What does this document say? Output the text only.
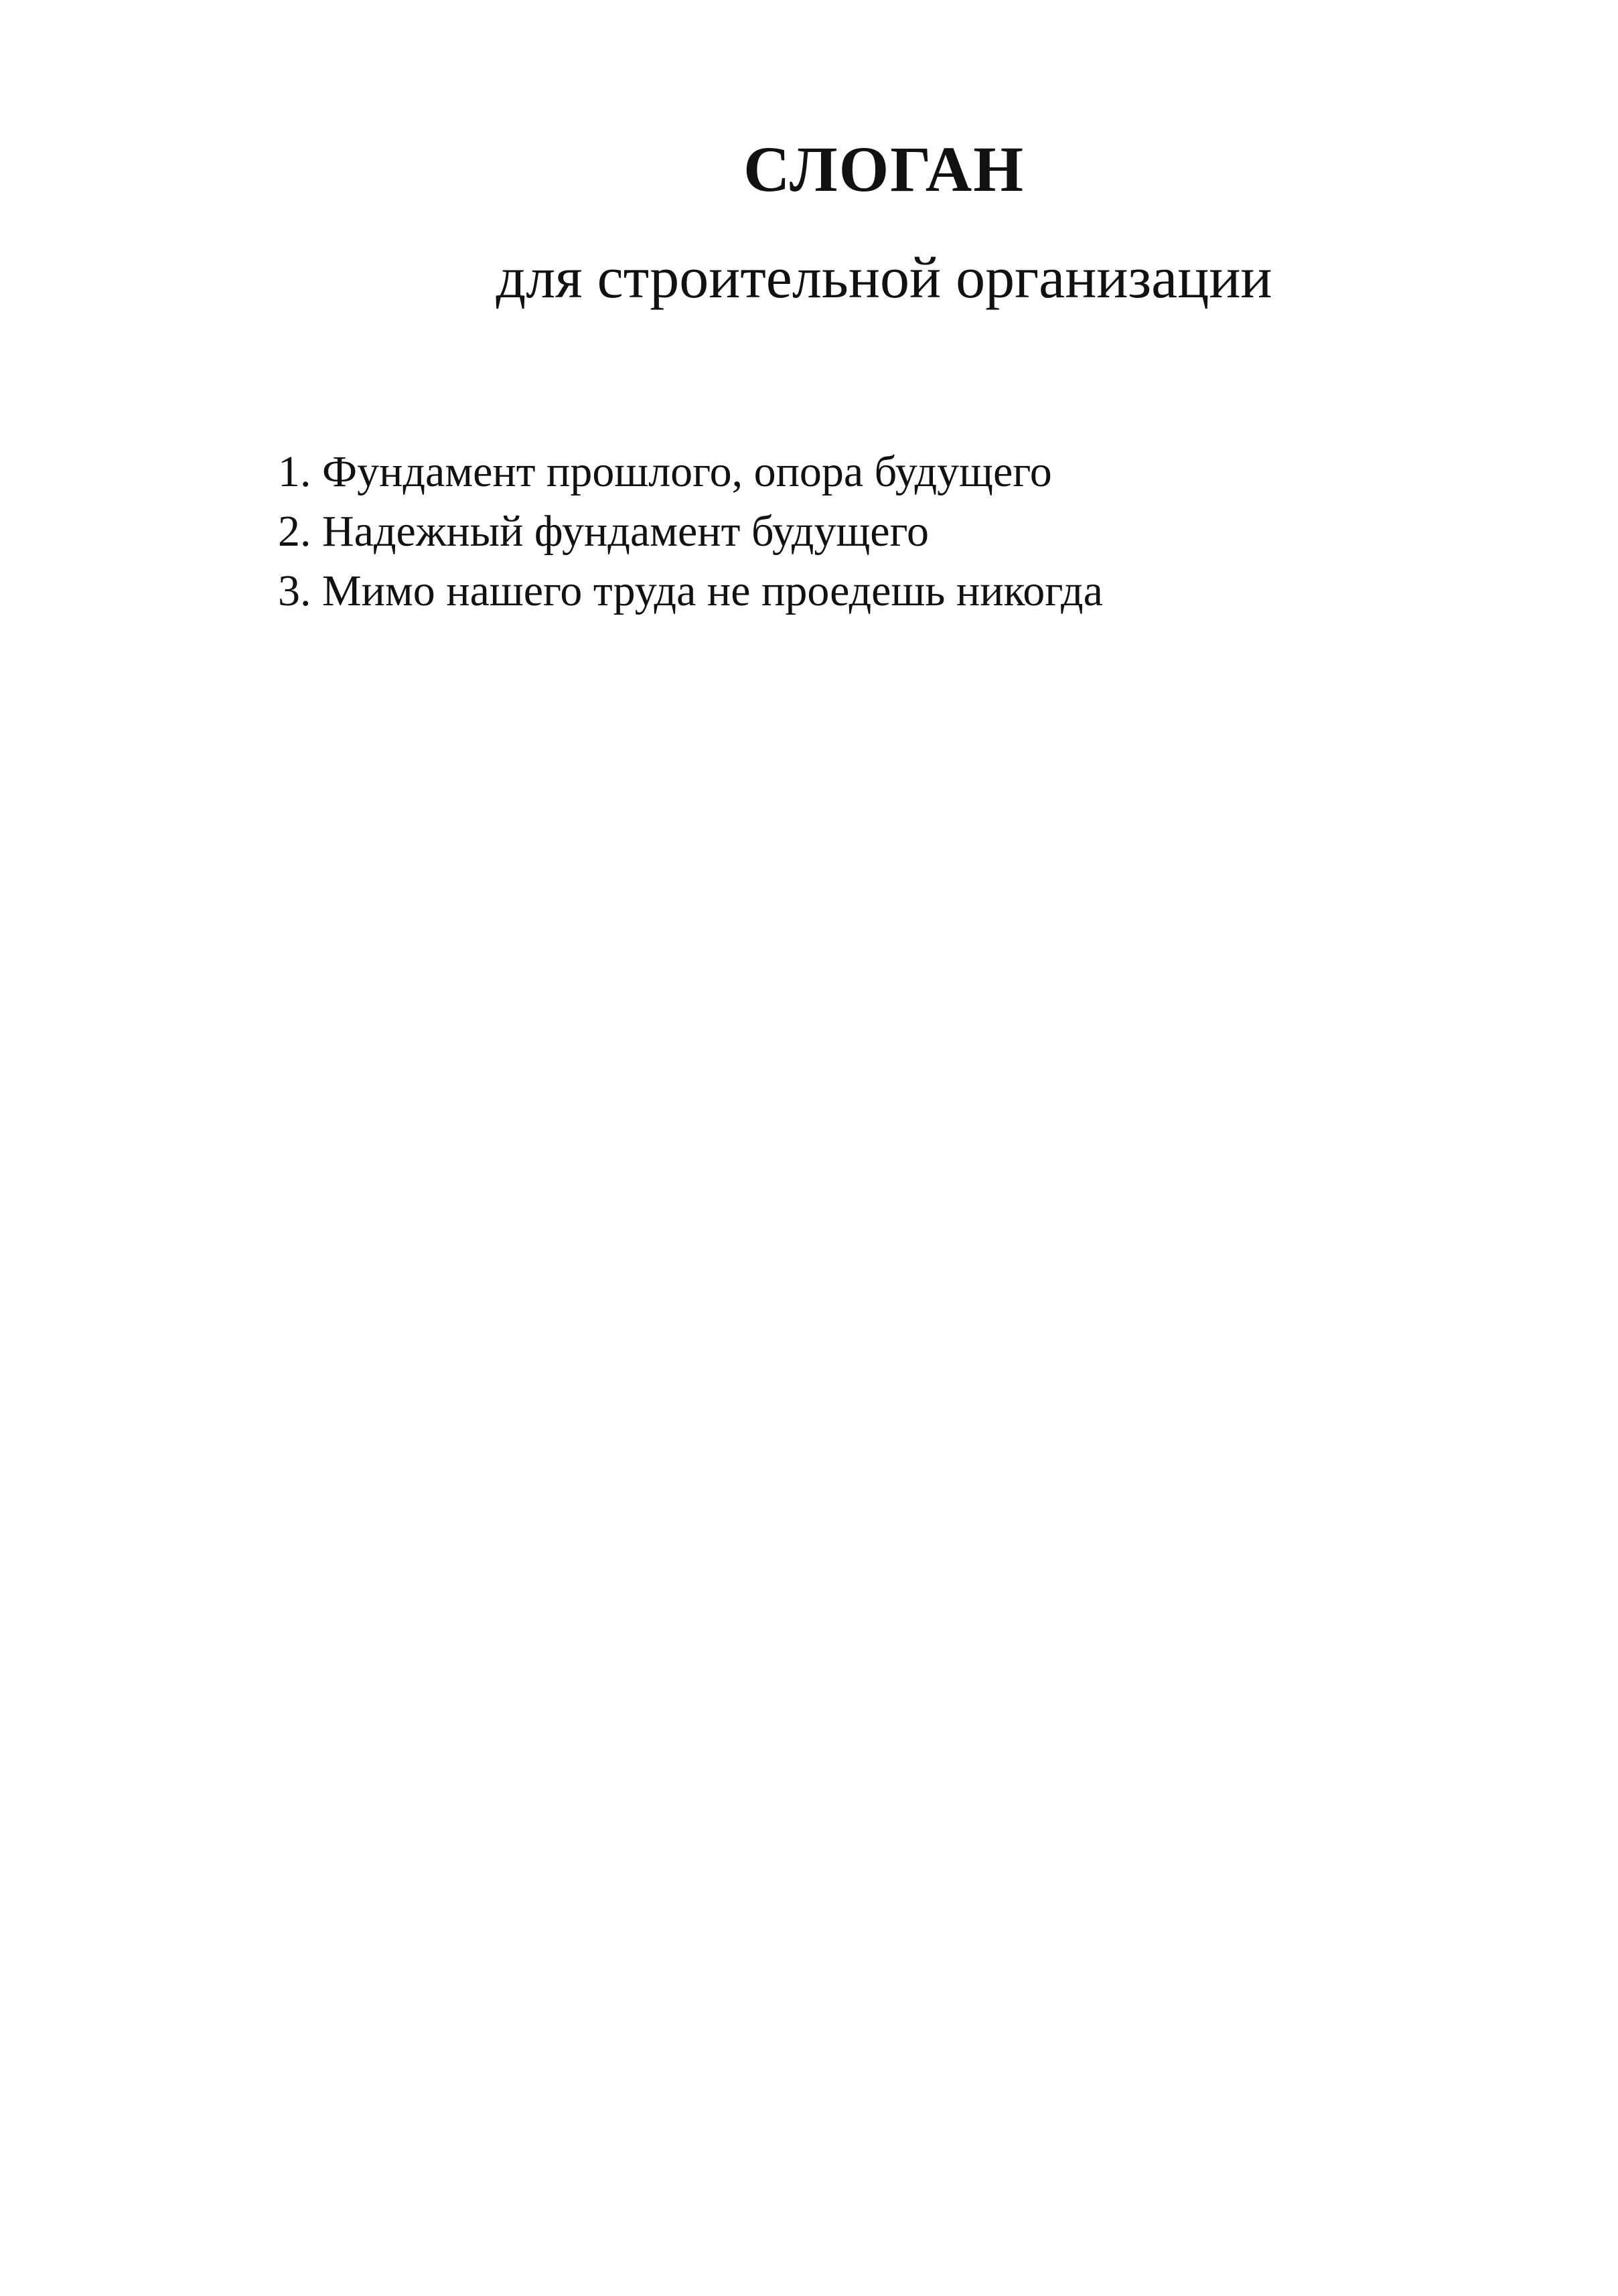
СЛОГАН
для строительной организации
1. Фундамент прошлого, опора будущего
2. Надежный фундамент будущего
3. Мимо нашего труда не проедешь никогда
